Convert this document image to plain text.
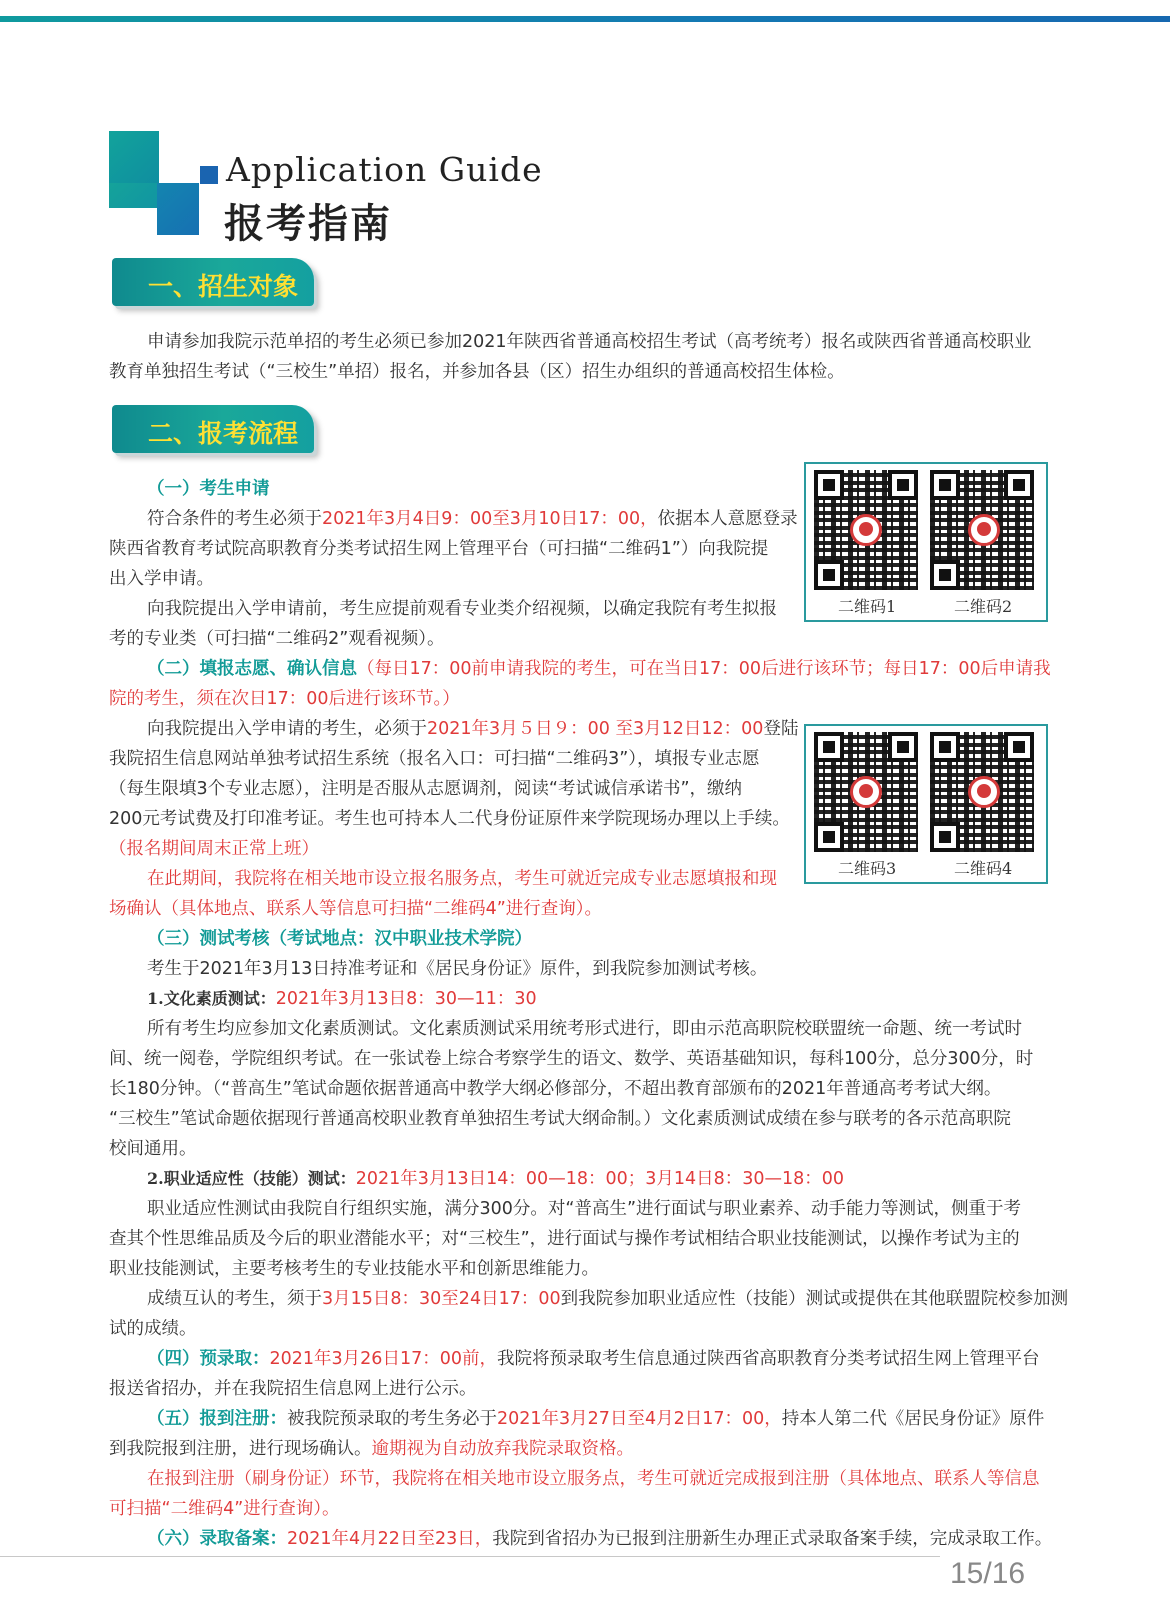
Application Guide
报考指南
一、招生对象
申请参加我院示范单招的考生必须已参加2021年陕西省普通高校招生考试（高考统考）报名或陕西省普通高校职业
教育单独招生考试（“三校生”单招）报名，并参加各县（区）招生办组织的普通高校招生体检。
二、报考流程
（一）考生申请
符合条件的考生必须于2021年3月4日9：00至3月10日17：00，依据本人意愿登录
陕西省教育考试院高职教育分类考试招生网上管理平台（可扫描“二维码1”）向我院提
出入学申请。
向我院提出入学申请前，考生应提前观看专业类介绍视频，以确定我院有考生拟报
考的专业类（可扫描“二维码2”观看视频）。
二维码1	二维码2
（二）填报志愿、确认信息（每日17：00前申请我院的考生，可在当日17：00后进行该环节；每日17：00后申请我
院的考生，须在次日17：00后进行该环节。）
向我院提出入学申请的考生，必须于2021年3月５日９：00 至3月12日12：00登陆
我院招生信息网站单独考试招生系统（报名入口：可扫描“二维码3”），填报专业志愿
（每生限填3个专业志愿），注明是否服从志愿调剂，阅读“考试诚信承诺书”，缴纳
200元考试费及打印准考证。考生也可持本人二代身份证原件来学院现场办理以上手续。
（报名期间周末正常上班）
在此期间，我院将在相关地市设立报名服务点，考生可就近完成专业志愿填报和现
场确认（具体地点、联系人等信息可扫描“二维码4”进行查询）。
二维码3	二维码4
（三）测试考核（考试地点：汉中职业技术学院）
考生于2021年3月13日持准考证和《居民身份证》原件，到我院参加测试考核。
1.文化素质测试：2021年3月13日8：30—11：30
所有考生均应参加文化素质测试。文化素质测试采用统考形式进行，即由示范高职院校联盟统一命题、统一考试时
间、统一阅卷，学院组织考试。在一张试卷上综合考察学生的语文、数学、英语基础知识，每科100分，总分300分，时
长180分钟。（“普高生”笔试命题依据普通高中教学大纲必修部分，不超出教育部颁布的2021年普通高考考试大纲。
“三校生”笔试命题依据现行普通高校职业教育单独招生考试大纲命制。）文化素质测试成绩在参与联考的各示范高职院
校间通用。
2.职业适应性（技能）测试：2021年3月13日14：00—18：00；3月14日8：30—18：00
职业适应性测试由我院自行组织实施，满分300分。对“普高生”进行面试与职业素养、动手能力等测试，侧重于考
查其个性思维品质及今后的职业潜能水平；对“三校生”，进行面试与操作考试相结合职业技能测试，以操作考试为主的
职业技能测试，主要考核考生的专业技能水平和创新思维能力。
成绩互认的考生，须于3月15日8：30至24日17：00到我院参加职业适应性（技能）测试或提供在其他联盟院校参加测
试的成绩。
（四）预录取：2021年3月26日17：00前，我院将预录取考生信息通过陕西省高职教育分类考试招生网上管理平台
报送省招办，并在我院招生信息网上进行公示。
（五）报到注册：被我院预录取的考生务必于2021年3月27日至4月2日17：00，持本人第二代《居民身份证》原件
到我院报到注册，进行现场确认。逾期视为自动放弃我院录取资格。
在报到注册（刷身份证）环节，我院将在相关地市设立服务点，考生可就近完成报到注册（具体地点、联系人等信息
可扫描“二维码4”进行查询）。
（六）录取备案：2021年4月22日至23日，我院到省招办为已报到注册新生办理正式录取备案手续，完成录取工作。
15/16
